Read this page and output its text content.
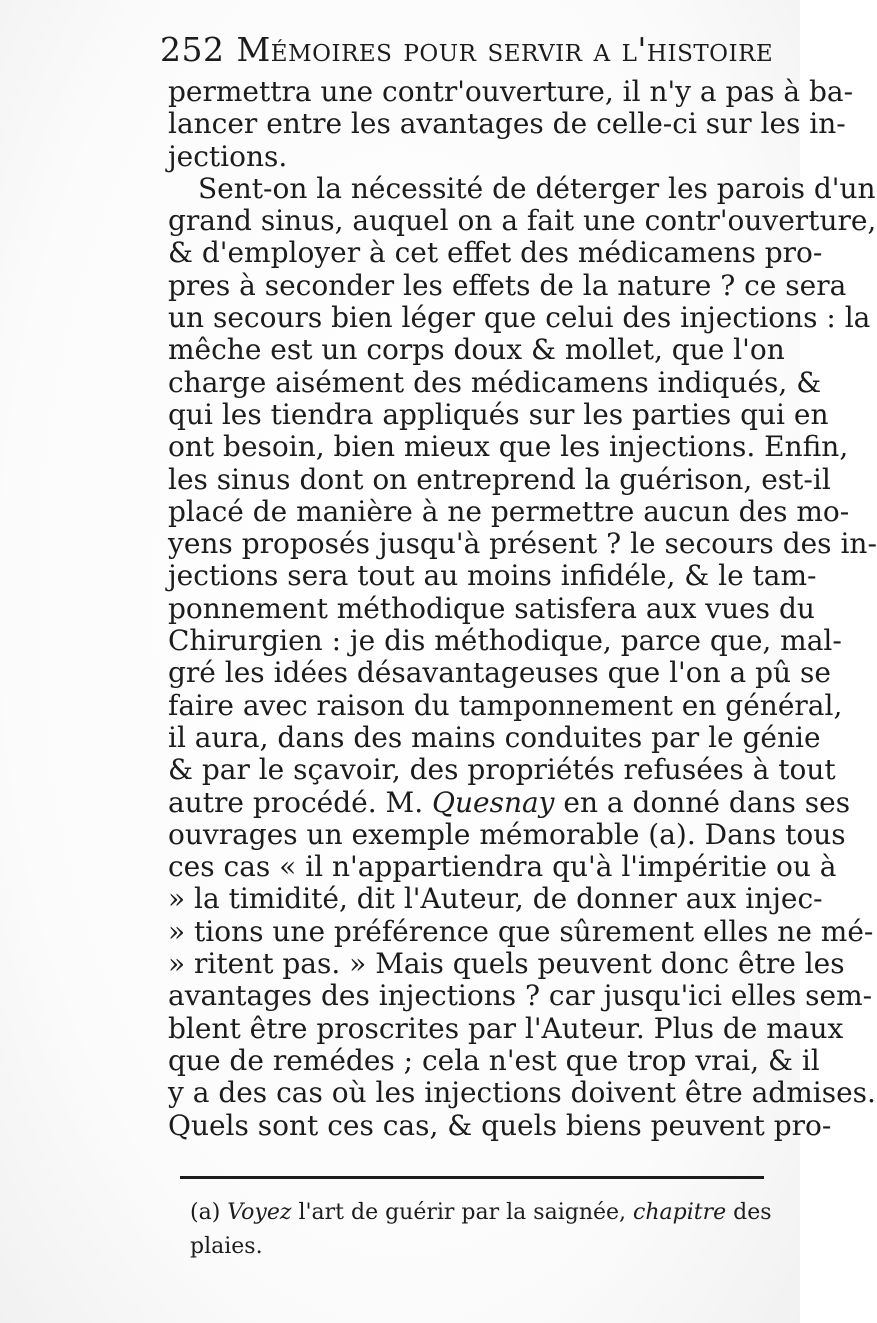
252 Mémoires pour servir a l'histoire
permettra une contr'ouverture, il n'y a pas à ba-
lancer entre les avantages de celle-ci sur les in-
jections.
Sent-on la nécessité de déterger les parois d'un
grand sinus, auquel on a fait une contr'ouverture,
& d'employer à cet effet des médicamens pro-
pres à seconder les effets de la nature ? ce sera
un secours bien léger que celui des injections : la
mêche est un corps doux & mollet, que l'on
charge aisément des médicamens indiqués, &
qui les tiendra appliqués sur les parties qui en
ont besoin, bien mieux que les injections. Enfin,
les sinus dont on entreprend la guérison, est-il
placé de manière à ne permettre aucun des mo-
yens proposés jusqu'à présent ? le secours des in-
jections sera tout au moins infidéle, & le tam-
ponnement méthodique satisfera aux vues du
Chirurgien : je dis méthodique, parce que, mal-
gré les idées désavantageuses que l'on a pû se
faire avec raison du tamponnement en général,
il aura, dans des mains conduites par le génie
& par le sçavoir, des propriétés refusées à tout
autre procédé. M. Quesnay en a donné dans ses
ouvrages un exemple mémorable (a). Dans tous
ces cas « il n'appartiendra qu'à l'impéritie ou à
» la timidité, dit l'Auteur, de donner aux injec-
» tions une préférence que sûrement elles ne mé-
» ritent pas. » Mais quels peuvent donc être les
avantages des injections ? car jusqu'ici elles sem-
blent être proscrites par l'Auteur. Plus de maux
que de remédes ; cela n'est que trop vrai, & il
y a des cas où les injections doivent être admises.
Quels sont ces cas, & quels biens peuvent pro-
(a) Voyez l'art de guérir par la saignée, chapitre des
plaies.
